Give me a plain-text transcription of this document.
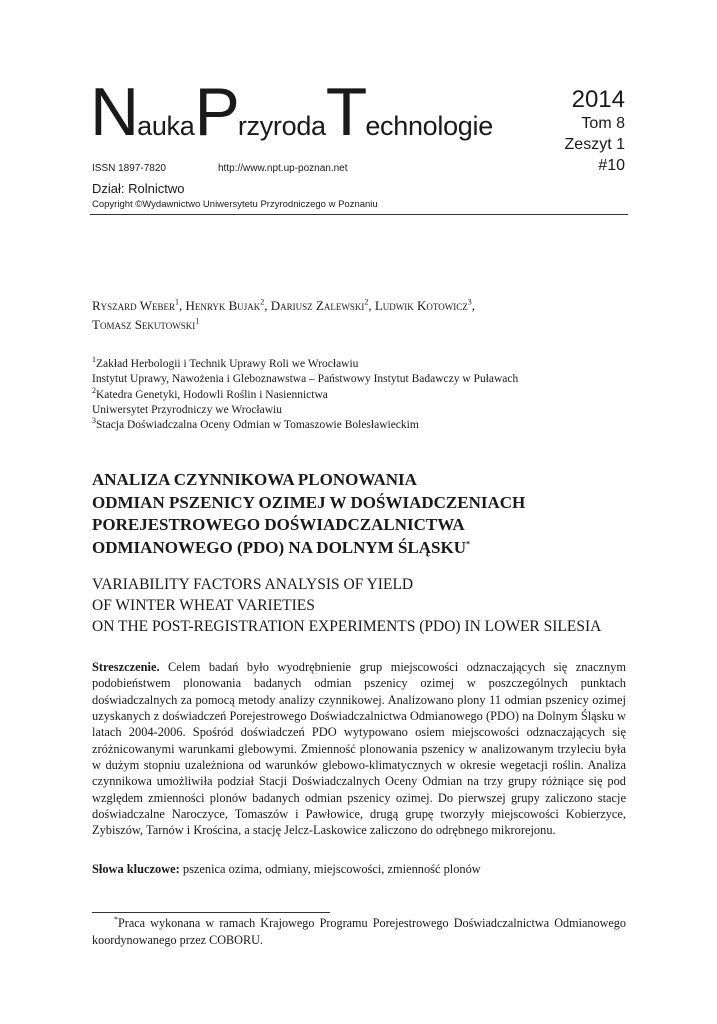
NaukaPrzyrodaTechnologie
2014
Tom 8
Zeszyt 1
#10
ISSN 1897-7820	http://www.npt.up-poznan.net
Dział: Rolnictwo
Copyright ©Wydawnictwo Uniwersytetu Przyrodniczego w Poznaniu
Ryszard Weber$^1$, Henryk Bujak$^2$, Dariusz Zalewski$^2$, Ludwik Kotowicz$^3$,
Tomasz Sekutowski$^1$
$^1$Zakład Herbologii i Technik Uprawy Roli we Wrocławiu
Instytut Uprawy, Nawożenia i Gleboznawstwa – Państwowy Instytut Badawczy w Puławach
$^2$Katedra Genetyki, Hodowli Roślin i Nasiennictwa
Uniwersytet Przyrodniczy we Wrocławiu
$^3$Stacja Doświadczalna Oceny Odmian w Tomaszowie Bolesławieckim
ANALIZA CZYNNIKOWA PLONOWANIA
ODMIAN PSZENICY OZIMEJ W DOŚWIADCZENIACH
POREJESTROWEGO DOŚWIADCZALNICTWA
ODMIANOWEGO (PDO) NA DOLNYM ŚLĄSKU*
VARIABILITY FACTORS ANALYSIS OF YIELD
OF WINTER WHEAT VARIETIES
ON THE POST-REGISTRATION EXPERIMENTS (PDO) IN LOWER SILESIA
Streszczenie. Celem badań było wyodrębnienie grup miejscowości odznaczających się znacznym podobieństwem plonowania badanych odmian pszenicy ozimej w poszczególnych punktach doświadczalnych za pomocą metody analizy czynnikowej. Analizowano plony 11 odmian pszenicy ozimej uzyskanych z doświadczeń Porejestrowego Doświadczalnictwa Odmianowego (PDO) na Dolnym Śląsku w latach 2004-2006. Spośród doświadczeń PDO wytypowano osiem miejscowości odznaczających się zróżnicowanymi warunkami glebowymi. Zmienność plonowania pszenicy w analizowanym trzyleciu była w dużym stopniu uzależniona od warunków glebowo-klimatycznych w okresie wegetacji roślin. Analiza czynnikowa umożliwiła podział Stacji Doświadczalnych Oceny Odmian na trzy grupy różniące się pod względem zmienności plonów badanych odmian pszenicy ozimej. Do pierwszej grupy zaliczono stacje doświadczalne Naroczyce, Tomaszów i Pawłowice, drugą grupę tworzyły miejscowości Kobierzyce, Zybiszów, Tarnów i Krościna, a stację Jelcz-Laskowice zaliczono do odrębnego mikrorejonu.
Słowa kluczowe: pszenica ozima, odmiany, miejscowości, zmienność plonów
*Praca wykonana w ramach Krajowego Programu Porejestrowego Doświadczalnictwa Odmianowego koordynowanego przez COBORU.
